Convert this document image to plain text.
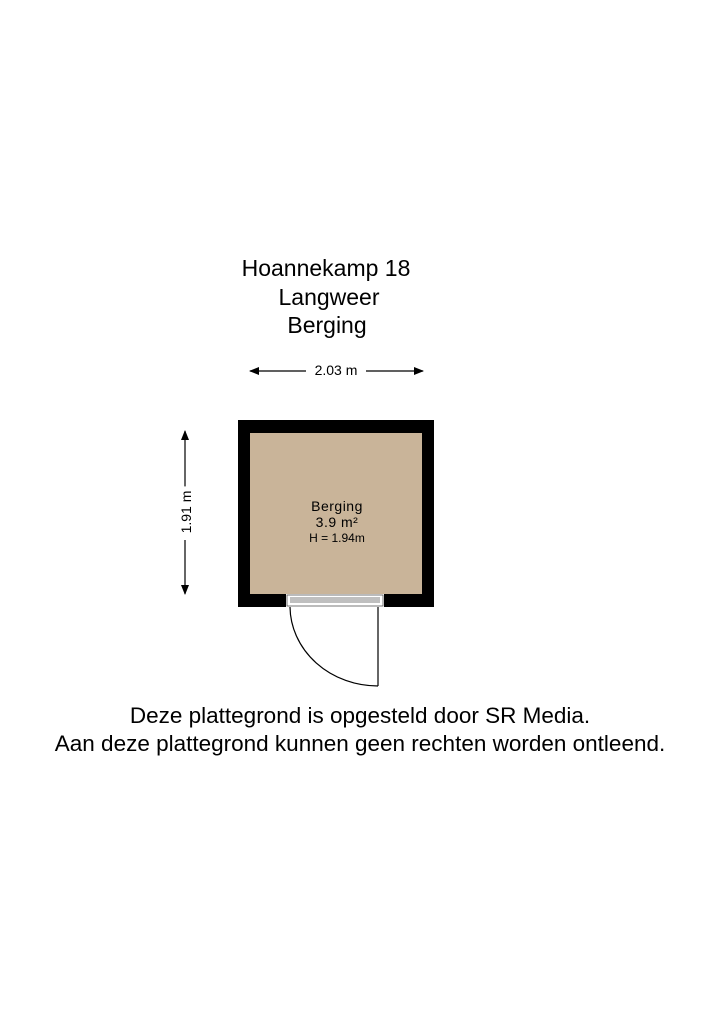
Hoannekamp 18
Langweer
Berging
2.03 m
1.91 m	Berging
3.9 m²
H = 1.94m
Deze plattegrond is opgesteld door SR Media.
Aan deze plattegrond kunnen geen rechten worden ontleend.
